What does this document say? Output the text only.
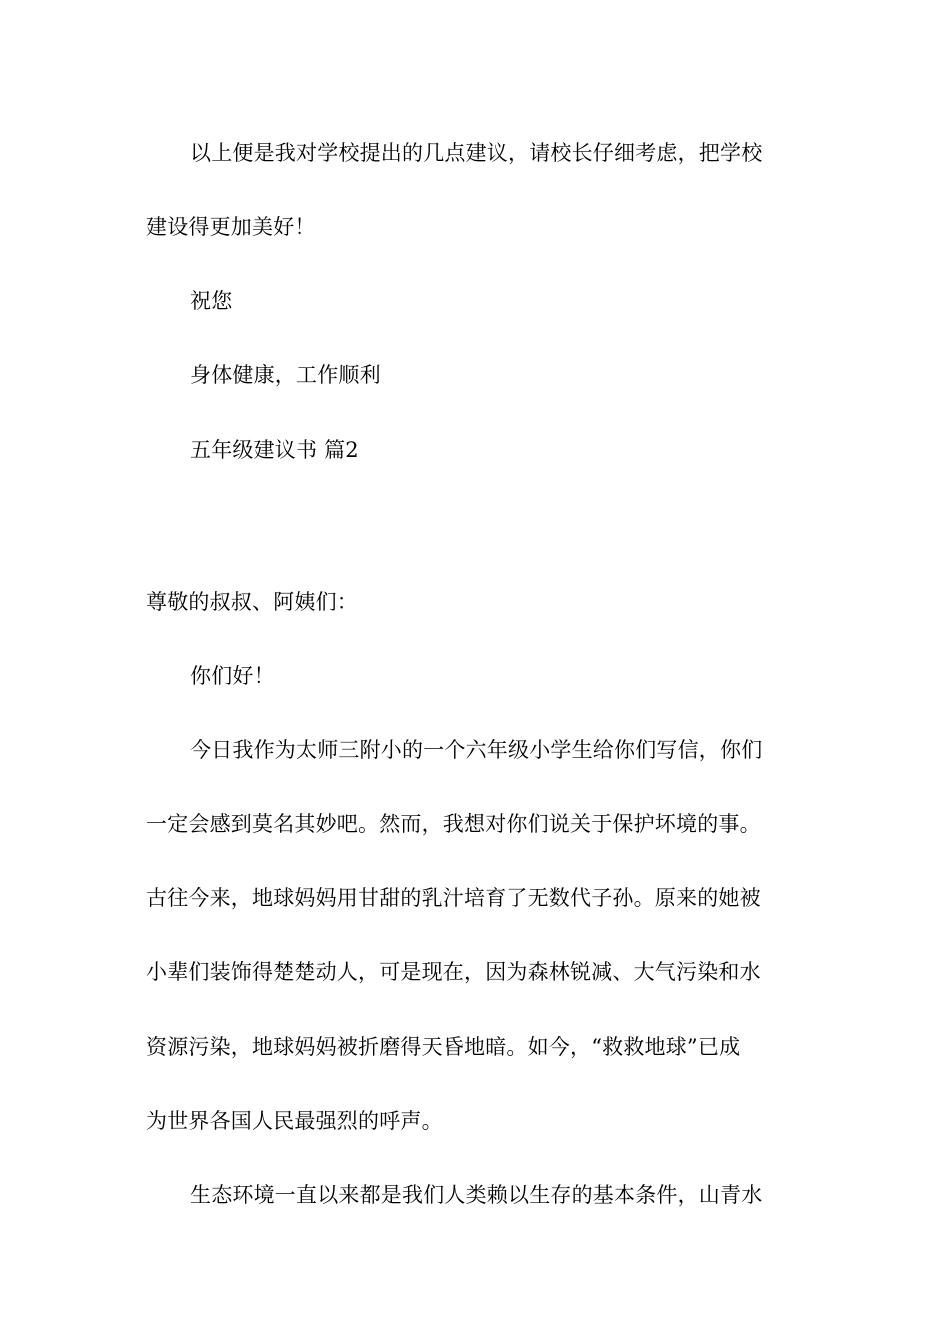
以上便是我对学校提出的几点建议，请校长仔细考虑，把学校
建设得更加美好！
祝您
身体健康，工作顺利
五年级建议书 篇2
尊敬的叔叔、阿姨们：
你们好！
今日我作为太师三附小的一个六年级小学生给你们写信，你们
一定会感到莫名其妙吧。然而，我想对你们说关于保护坏境的事。
古往今来，地球妈妈用甘甜的乳汁培育了无数代子孙。原来的她被
小辈们装饰得楚楚动人，可是现在，因为森林锐减、大气污染和水
资源污染，地球妈妈被折磨得天昏地暗。如今，“救救地球”已成
为世界各国人民最强烈的呼声。
生态环境一直以来都是我们人类赖以生存的基本条件，山青水
